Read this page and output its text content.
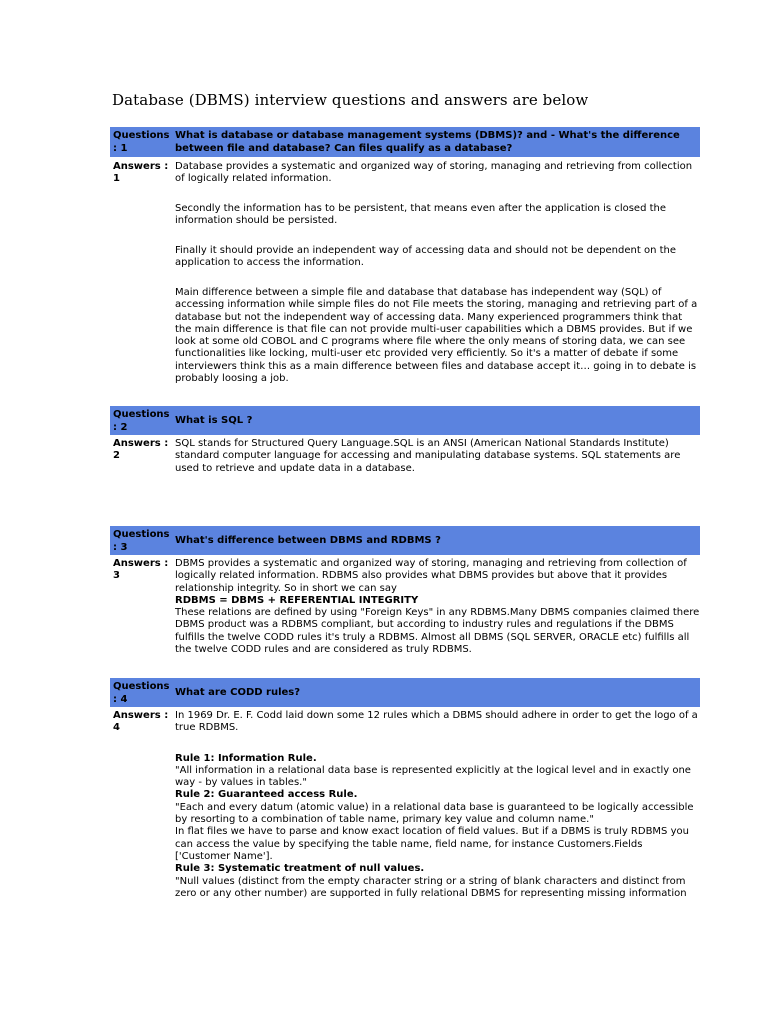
Database (DBMS) interview questions and answers are below
Questions : 1
What is database or database management systems (DBMS)? and - What's the difference between file and database? Can files qualify as a database?
Answers : 1

Database provides a systematic and organized way of storing, managing and retrieving from collection of logically related information.

Secondly the information has to be persistent, that means even after the application is closed the information should be persisted.

Finally it should provide an independent way of accessing data and should not be dependent on the application to access the information.

Main difference between a simple file and database that database has independent way (SQL) of accessing information while simple files do not File meets the storing, managing and retrieving part of a database but not the independent way of accessing data. Many experienced programmers think that the main difference is that file can not provide multi-user capabilities which a DBMS provides. But if we look at some old COBOL and C programs where file where the only means of storing data, we can see functionalities like locking, multi-user etc provided very efficiently. So it's a matter of debate if some interviewers think this as a main difference between files and database accept it… going in to debate is probably loosing a job.

Questions : 2
What is SQL ?
Answers : 2

SQL stands for Structured Query Language.SQL is an ANSI (American National Standards Institute) standard computer language for accessing and manipulating database systems. SQL statements are used to retrieve and update data in a database.

Questions : 3
What's difference between DBMS and RDBMS ?
Answers : 3

DBMS provides a systematic and organized way of storing, managing and retrieving from collection of logically related information. RDBMS also provides what DBMS provides but above that it provides relationship integrity. So in short we can say

RDBMS = DBMS + REFERENTIAL INTEGRITY

These relations are defined by using "Foreign Keys" in any RDBMS.Many DBMS companies claimed there DBMS product was a RDBMS compliant, but according to industry rules and regulations if the DBMS fulfills the twelve CODD rules it's truly a RDBMS. Almost all DBMS (SQL SERVER, ORACLE etc) fulfills all the twelve CODD rules and are considered as truly RDBMS.

Questions : 4
What are CODD rules?
Answers : 4

In 1969 Dr. E. F. Codd laid down some 12 rules which a DBMS should adhere in order to get the logo of a true RDBMS.

Rule 1: Information Rule.

"All information in a relational data base is represented explicitly at the logical level and in exactly one way - by values in tables."

Rule 2: Guaranteed access Rule.

"Each and every datum (atomic value) in a relational data base is guaranteed to be logically accessible by resorting to a combination of table name, primary key value and column name."

In flat files we have to parse and know exact location of field values. But if a DBMS is truly RDBMS you can access the value by specifying the table name, field name, for instance Customers.Fields ['Customer Name'].

Rule 3: Systematic treatment of null values.

"Null values (distinct from the empty character string or a string of blank characters and distinct from zero or any other number) are supported in fully relational DBMS for representing missing information
